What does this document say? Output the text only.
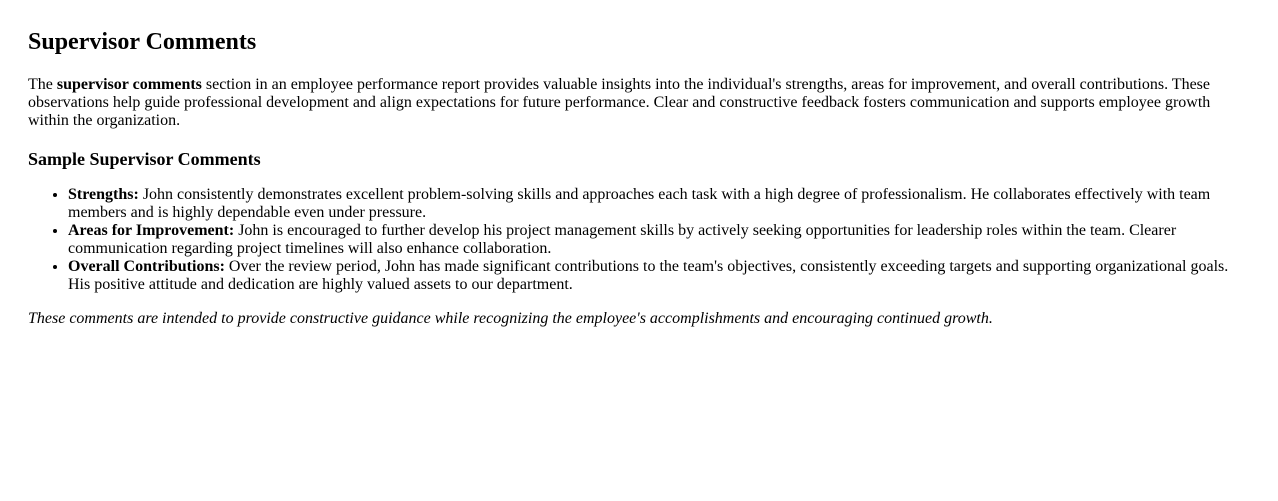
Supervisor Comments

The supervisor comments section in an employee performance report provides valuable insights into the individual's strengths, areas for improvement, and overall contributions. These observations help guide professional development and align expectations for future performance. Clear and constructive feedback fosters communication and supports employee growth within the organization.

Sample Supervisor Comments
• Strengths: John consistently demonstrates excellent problem-solving skills and approaches each task with a high degree of professionalism. He collaborates effectively with team members and is highly dependable even under pressure.
• Areas for Improvement: John is encouraged to further develop his project management skills by actively seeking opportunities for leadership roles within the team. Clearer communication regarding project timelines will also enhance collaboration.
• Overall Contributions: Over the review period, John has made significant contributions to the team's objectives, consistently exceeding targets and supporting organizational goals. His positive attitude and dedication are highly valued assets to our department.

These comments are intended to provide constructive guidance while recognizing the employee's accomplishments and encouraging continued growth.
